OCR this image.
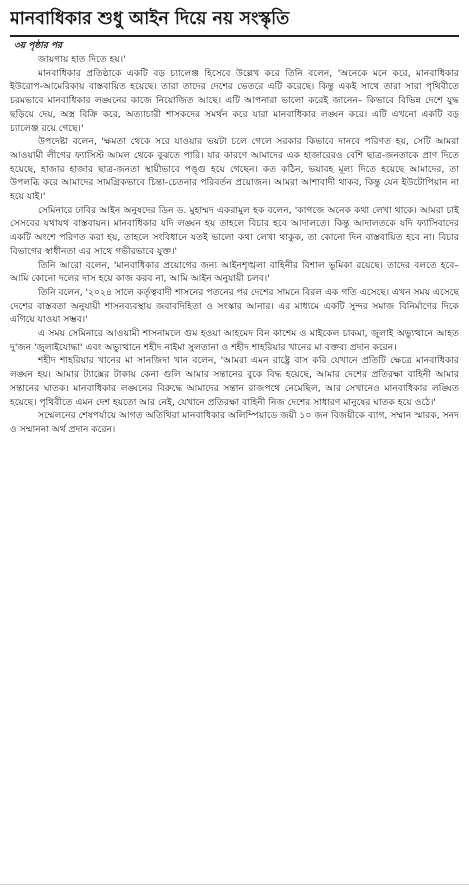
মানবাধিকার শুধু আইন দিয়ে নয় সংস্কৃতি
৩য় পৃষ্ঠার পর

জায়গায় হাত দিতে হয়।'

মানবাধিকার প্রতিষ্ঠাকে একটি বড় চ্যালেঞ্জ হিসেবে উল্লেখ করে তিনি বলেন, 'অনেকে মনে করে, মানবাধিকার ইউরোপ-আমেরিকায় বাস্তবায়িত হয়েছে। তারা তাদের দেশের ভেতরে এটি করেছে। কিন্তু একই সাথে তারা সারা পৃথিবীতে চরমভাবে মানবাধিকার লঙ্ঘনের কাজে নিয়োজিত আছে। এটি আপনারা ভালো করেই জানেন– কিভাবে বিভিন্ন দেশে যুদ্ধ ছড়িয়ে দেয়, অস্ত্র বিক্রি করে, অত্যাচারী শাসকদের সমর্থন করে যারা মানবাধিকার লঙ্ঘন করে। এটি এখনো একটি বড় চ্যালেঞ্জ রয়ে গেছে।'

উপদেষ্টা বলেন, 'ক্ষমতা থেকে সরে যাওয়ার ভয়টা চলে গেলে সরকার কিভাবে দানবে পরিণত হয়, সেটি আমরা আওয়ামী লীগের ফ্যাসিস্ট আমল থেকে বুঝতে পারি। যার কারণে আমাদের এক হাজারেরও বেশি ছাত্র-জনতাকে প্রাণ দিতে হয়েছে, হাজার হাজার ছাত্র-জনতা স্থায়ীভাবে পঙ্গু হয়ে গেছেন। কত কঠিন, ভয়াবহ মূল্য দিতে হয়েছে আমাদের, তা উপলব্ধি করে আমাদের সামগ্রিকভাবে চিন্তা-চেতনার পরিবর্তন প্রয়োজন। আমরা আশাবাদী থাকব, কিন্তু যেন ইউটোপিয়ান না হয়ে যাই।'

সেমিনারে ঢাবির আইন অনুষদের ডিন ড. মুহাম্মদ একরামুল হক বলেন, 'কাগজে অনেক কথা লেখা থাকে। আমরা চাই সেসবের যথাযথ বাস্তবায়ন। মানবাধিকার যদি লঙ্ঘন হয় তাহলে বিচার হবে আদালতে। কিন্তু আদালতকে যদি ফ্যাসিবাদের একটি অংশে পরিণত করা হয়, তাহলে সংবিধানে যতই ভালো কথা লেখা থাকুক, তা কোনো দিন বাস্তবায়িত হবে না। বিচার বিভাগের স্বাধীনতা এর সাথে গভীরভাবে যুক্ত।'

তিনি আরো বলেন, 'মানবাধিকার প্রয়োগের জন্য আইনশৃঙ্খলা বাহিনীর বিশাল ভূমিকা রয়েছে। তাদের বলতে হবে– আমি কোনো দলের দাস হয়ে কাজ করব না, আমি আইন অনুযায়ী চলব।'

তিনি বলেন, '২০২৪ সালে কর্তৃত্ববাদী শাসনের পতনের পর দেশের সামনে বিরল এক গতি এসেছে। এখন সময় এসেছে দেশের বাস্তবতা অনুযায়ী শাসনব্যবস্থায় জবাবদিহিতা ও সংস্কার আনার। এর মাধ্যমে একটি সুন্দর সমাজ বিনির্মাণের দিকে এগিয়ে যাওয়া সম্ভব।'

এ সময় সেমিনারে আওয়ামী শাসনামলে গুম হওয়া আহমেদ বিন কাশেম ও মাইকেল চাকমা, জুলাই অভ্যুত্থানে আহত দু'জন 'জুলাইযোদ্ধা' এবং অভ্যুত্থানে শহীদ নাইমা সুলতানা ও শহীদ শাহরিয়ার খানের মা বক্তব্য প্রদান করেন।

শহীদ শাহরিয়ার খানের মা সানজিদা খান বলেন, 'আমরা এমন রাষ্ট্রে বাস করি যেখানে প্রতিটি ক্ষেত্রে মানবাধিকার লঙ্ঘন হয়। আমার ট্যাক্সের টাকায় কেনা গুলি আমার সন্তানের বুকে বিদ্ধ হয়েছে, আমার দেশের প্রতিরক্ষা বাহিনী আমার সন্তানের ঘাতক। মানবাধিকার লঙ্ঘনের বিরুদ্ধে আমাদের সন্তান রাজপথে নেমেছিল, আর সেখানেও মানবাধিকার লঙ্ঘিত হয়েছে। পৃথিবীতে এমন দেশ হয়তো আর নেই, যেখানে প্রতিরক্ষা বাহিনী নিজ দেশের সাধারণ মানুষের ঘাতক হয়ে ওঠে।'

সম্মেলনের শেষপর্যায়ে আগত অতিথিরা মানবাধিকার অলিম্পিয়াডে জয়ী ১০ জন বিজয়ীকে ব্যাগ, সম্মান স্মারক, সনদ ও সম্মাননা অর্থ প্রদান করেন।
